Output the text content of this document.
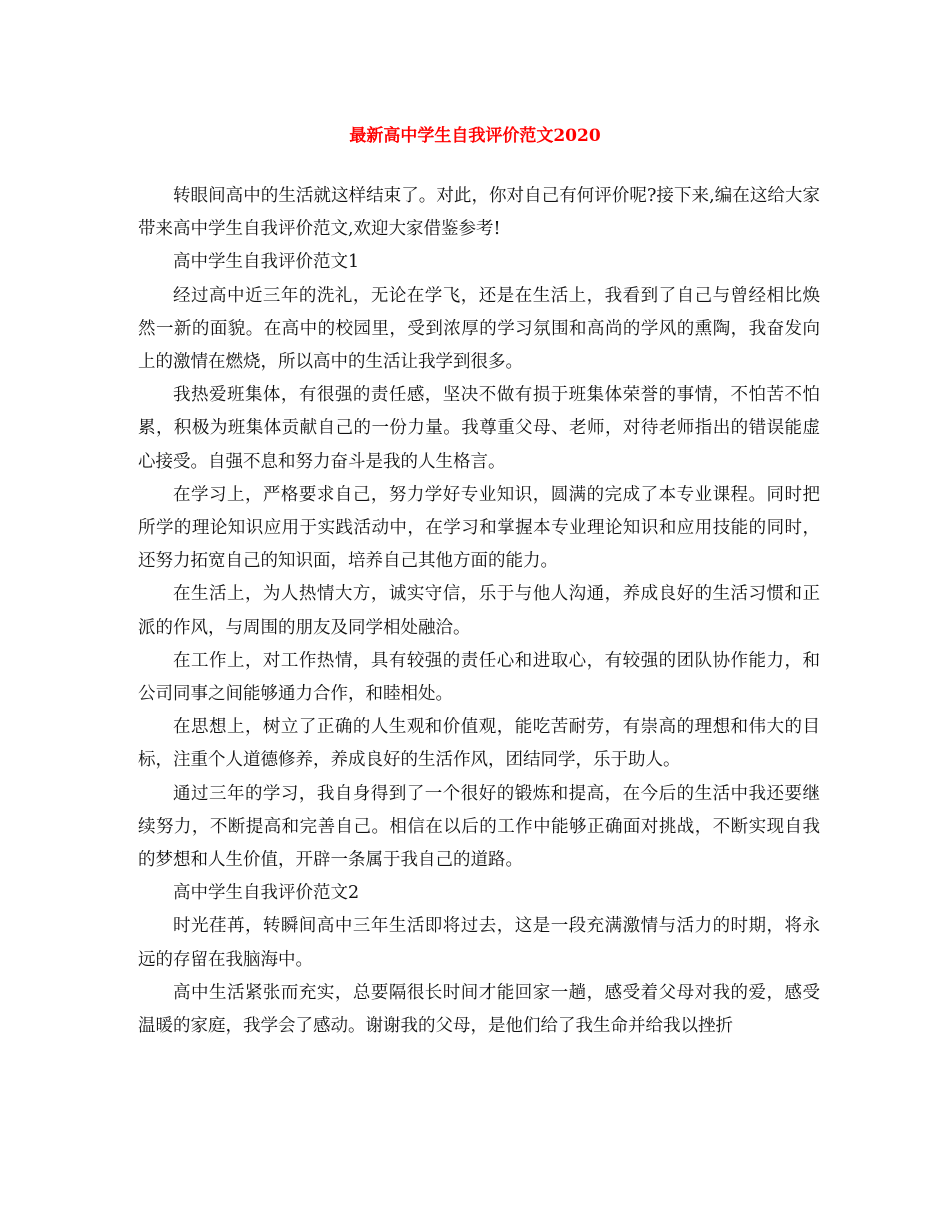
最新高中学生自我评价范文2020

转眼间高中的生活就这样结束了。对此，你对自己有何评价呢?接下来,编在这给大家带来高中学生自我评价范文,欢迎大家借鉴参考!

高中学生自我评价范文1

经过高中近三年的洗礼，无论在学飞，还是在生活上，我看到了自己与曾经相比焕然一新的面貌。在高中的校园里，受到浓厚的学习氛围和高尚的学风的熏陶，我奋发向上的激情在燃烧，所以高中的生活让我学到很多。

我热爱班集体，有很强的责任感，坚决不做有损于班集体荣誉的事情，不怕苦不怕累，积极为班集体贡献自己的一份力量。我尊重父母、老师，对待老师指出的错误能虚心接受。自强不息和努力奋斗是我的人生格言。

在学习上，严格要求自己，努力学好专业知识，圆满的完成了本专业课程。同时把所学的理论知识应用于实践活动中，在学习和掌握本专业理论知识和应用技能的同时，还努力拓宽自己的知识面，培养自己其他方面的能力。

在生活上，为人热情大方，诚实守信，乐于与他人沟通，养成良好的生活习惯和正派的作风，与周围的朋友及同学相处融洽。

在工作上，对工作热情，具有较强的责任心和进取心，有较强的团队协作能力，和公司同事之间能够通力合作，和睦相处。

在思想上，树立了正确的人生观和价值观，能吃苦耐劳，有崇高的理想和伟大的目标，注重个人道德修养，养成良好的生活作风，团结同学，乐于助人。

通过三年的学习，我自身得到了一个很好的锻炼和提高，在今后的生活中我还要继续努力，不断提高和完善自己。相信在以后的工作中能够正确面对挑战，不断实现自我的梦想和人生价值，开辟一条属于我自己的道路。

高中学生自我评价范文2

时光荏苒，转瞬间高中三年生活即将过去，这是一段充满激情与活力的时期，将永远的存留在我脑海中。

高中生活紧张而充实，总要隔很长时间才能回家一趟，感受着父母对我的爱，感受温暖的家庭，我学会了感动。谢谢我的父母，是他们给了我生命并给我以挫折
